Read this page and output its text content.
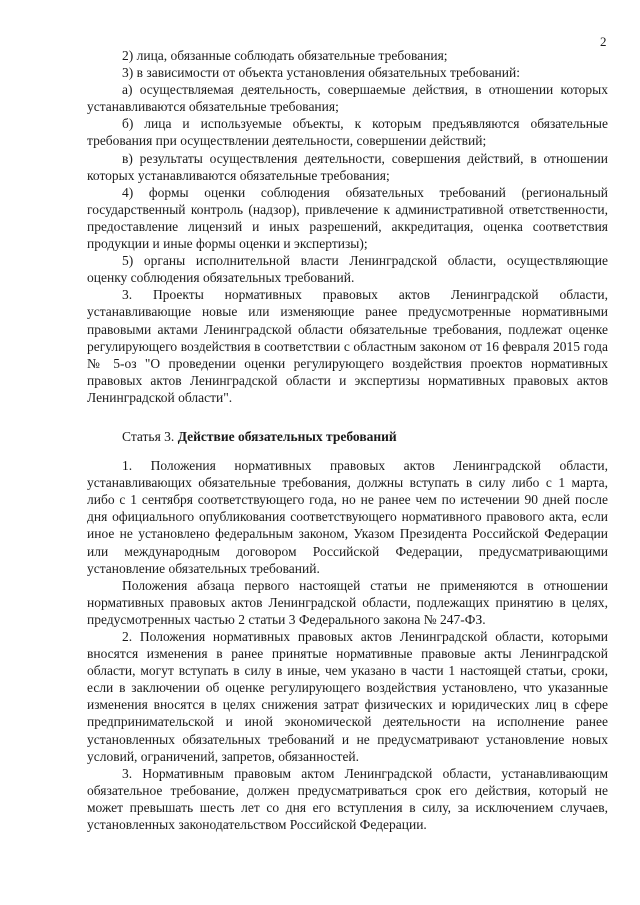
2

2) лица, обязанные соблюдать обязательные требования;

3) в зависимости от объекта установления обязательных требований:

а) осуществляемая деятельность, совершаемые действия, в отношении которых устанавливаются обязательные требования;

б) лица и используемые объекты, к которым предъявляются обязательные требования при осуществлении деятельности, совершении действий;

в) результаты осуществления деятельности, совершения действий, в отношении которых устанавливаются обязательные требования;

4) формы оценки соблюдения обязательных требований (региональный государственный контроль (надзор), привлечение к административной ответственности, предоставление лицензий и иных разрешений, аккредитация, оценка соответствия продукции и иные формы оценки и экспертизы);

5) органы исполнительной власти Ленинградской области, осуществляющие оценку соблюдения обязательных требований.

3. Проекты нормативных правовых актов Ленинградской области, устанавливающие новые или изменяющие ранее предусмотренные нормативными правовыми актами Ленинградской области обязательные требования, подлежат оценке регулирующего воздействия в соответствии с областным законом от 16 февраля 2015 года № 5-оз "О проведении оценки регулирующего воздействия проектов нормативных правовых актов Ленинградской области и экспертизы нормативных правовых актов Ленинградской области".

Статья 3. Действие обязательных требований

1. Положения нормативных правовых актов Ленинградской области, устанавливающих обязательные требования, должны вступать в силу либо с 1 марта, либо с 1 сентября соответствующего года, но не ранее чем по истечении 90 дней после дня официального опубликования соответствующего нормативного правового акта, если иное не установлено федеральным законом, Указом Президента Российской Федерации или международным договором Российской Федерации, предусматривающими установление обязательных требований.

Положения абзаца первого настоящей статьи не применяются в отношении нормативных правовых актов Ленинградской области, подлежащих принятию в целях, предусмотренных частью 2 статьи 3 Федерального закона № 247-ФЗ.

2. Положения нормативных правовых актов Ленинградской области, которыми вносятся изменения в ранее принятые нормативные правовые акты Ленинградской области, могут вступать в силу в иные, чем указано в части 1 настоящей статьи, сроки, если в заключении об оценке регулирующего воздействия установлено, что указанные изменения вносятся в целях снижения затрат физических и юридических лиц в сфере предпринимательской и иной экономической деятельности на исполнение ранее установленных обязательных требований и не предусматривают установление новых условий, ограничений, запретов, обязанностей.

3. Нормативным правовым актом Ленинградской области, устанавливающим обязательное требование, должен предусматриваться срок его действия, который не может превышать шесть лет со дня его вступления в силу, за исключением случаев, установленных законодательством Российской Федерации.
